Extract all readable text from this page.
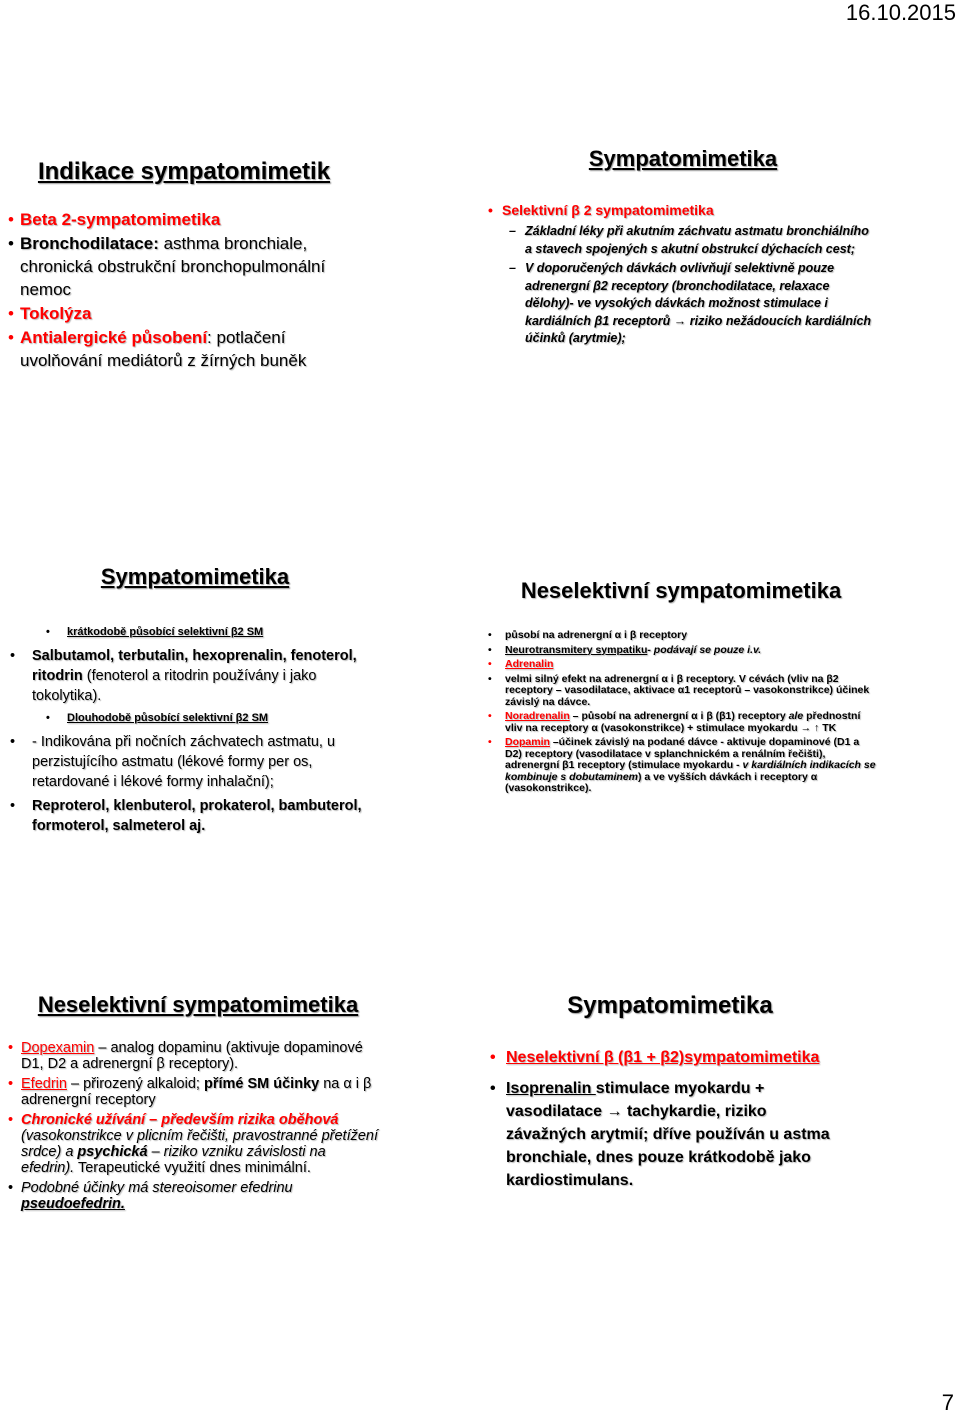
16.10.2015
Indikace sympatomimetik
• Beta 2-sympatomimetika
• Bronchodilatace: asthma bronchiale, chronická obstrukční bronchopulmonální nemoc
• Tokolýza
• Antialergické působení: potlačení uvolňování mediátorů z žírných buněk
Sympatomimetika
• Selektivní β 2 sympatomimetika
– Základní léky při akutním záchvatu astmatu bronchiálního a stavech spojených s akutní obstrukcí dýchacích cest;
– V doporučených dávkách ovlivňují selektivně pouze adrenergní β2 receptory (bronchodilatace, relaxace dělohy)- ve vysokých dávkách možnost stimulace i kardiálních β1 receptorů → riziko nežádoucích kardiálních účinků (arytmie);
Sympatomimetika
• krátkodobě působící selektivní β2 SM
• Salbutamol, terbutalin, hexoprenalin, fenoterol, ritodrin (fenoterol a ritodrin používány i jako tokolytika).
• Dlouhodobě působící selektivní β2 SM
• - Indikována při nočních záchvatech astmatu, u perzistujícího astmatu (lékové formy per os, retardované i lékové formy inhalační);
• Reproterol, klenbuterol, prokaterol, bambuterol, formoterol, salmeterol aj.
Neselektivní sympatomimetika
• působí na adrenergní α i β receptory
• Neurotransmitery sympatiku- podávají se pouze i.v.
• Adrenalin
• velmi silný efekt na adrenergní α i β receptory. V cévách (vliv na β2 receptory – vasodilatace, aktivace α1 receptorů – vasokonstrikce) účinek závislý na dávce.
• Noradrenalin – působí na adrenergní α i β (β1) receptory ale přednostní vliv na receptory α (vasokonstrikce) + stimulace myokardu → ↑ TK
• Dopamin –účinek závislý na podané dávce - aktivuje dopaminové (D1 a D2) receptory (vasodilatace v splanchnickém a renálním řečišti), adrenergní β1 receptory (stimulace myokardu - v kardiálních indikacích se kombinuje s dobutaminem) a ve vyšších dávkách i receptory α (vasokonstrikce).
Neselektivní sympatomimetika
• Dopexamin – analog dopaminu (aktivuje dopaminové D1, D2 a adrenergní β receptory).
• Efedrin – přirozený alkaloid; přímé SM účinky na α i β adrenergní receptory
• Chronické užívání – především rizika oběhová (vasokonstrikce v plicním řečišti, pravostranné přetížení srdce) a psychická – riziko vzniku závislosti na efedrin). Terapeutické využití dnes minimální.
• Podobné účinky má stereoisomer efedrinu pseudoefedrin.
Sympatomimetika
• Neselektivní β (β1 + β2)sympatomimetika
• Isoprenalin stimulace myokardu + vasodilatace → tachykardie, riziko závažných arytmií; dříve používán u astma bronchiale, dnes pouze krátkodobě jako kardiostimulans.
7
